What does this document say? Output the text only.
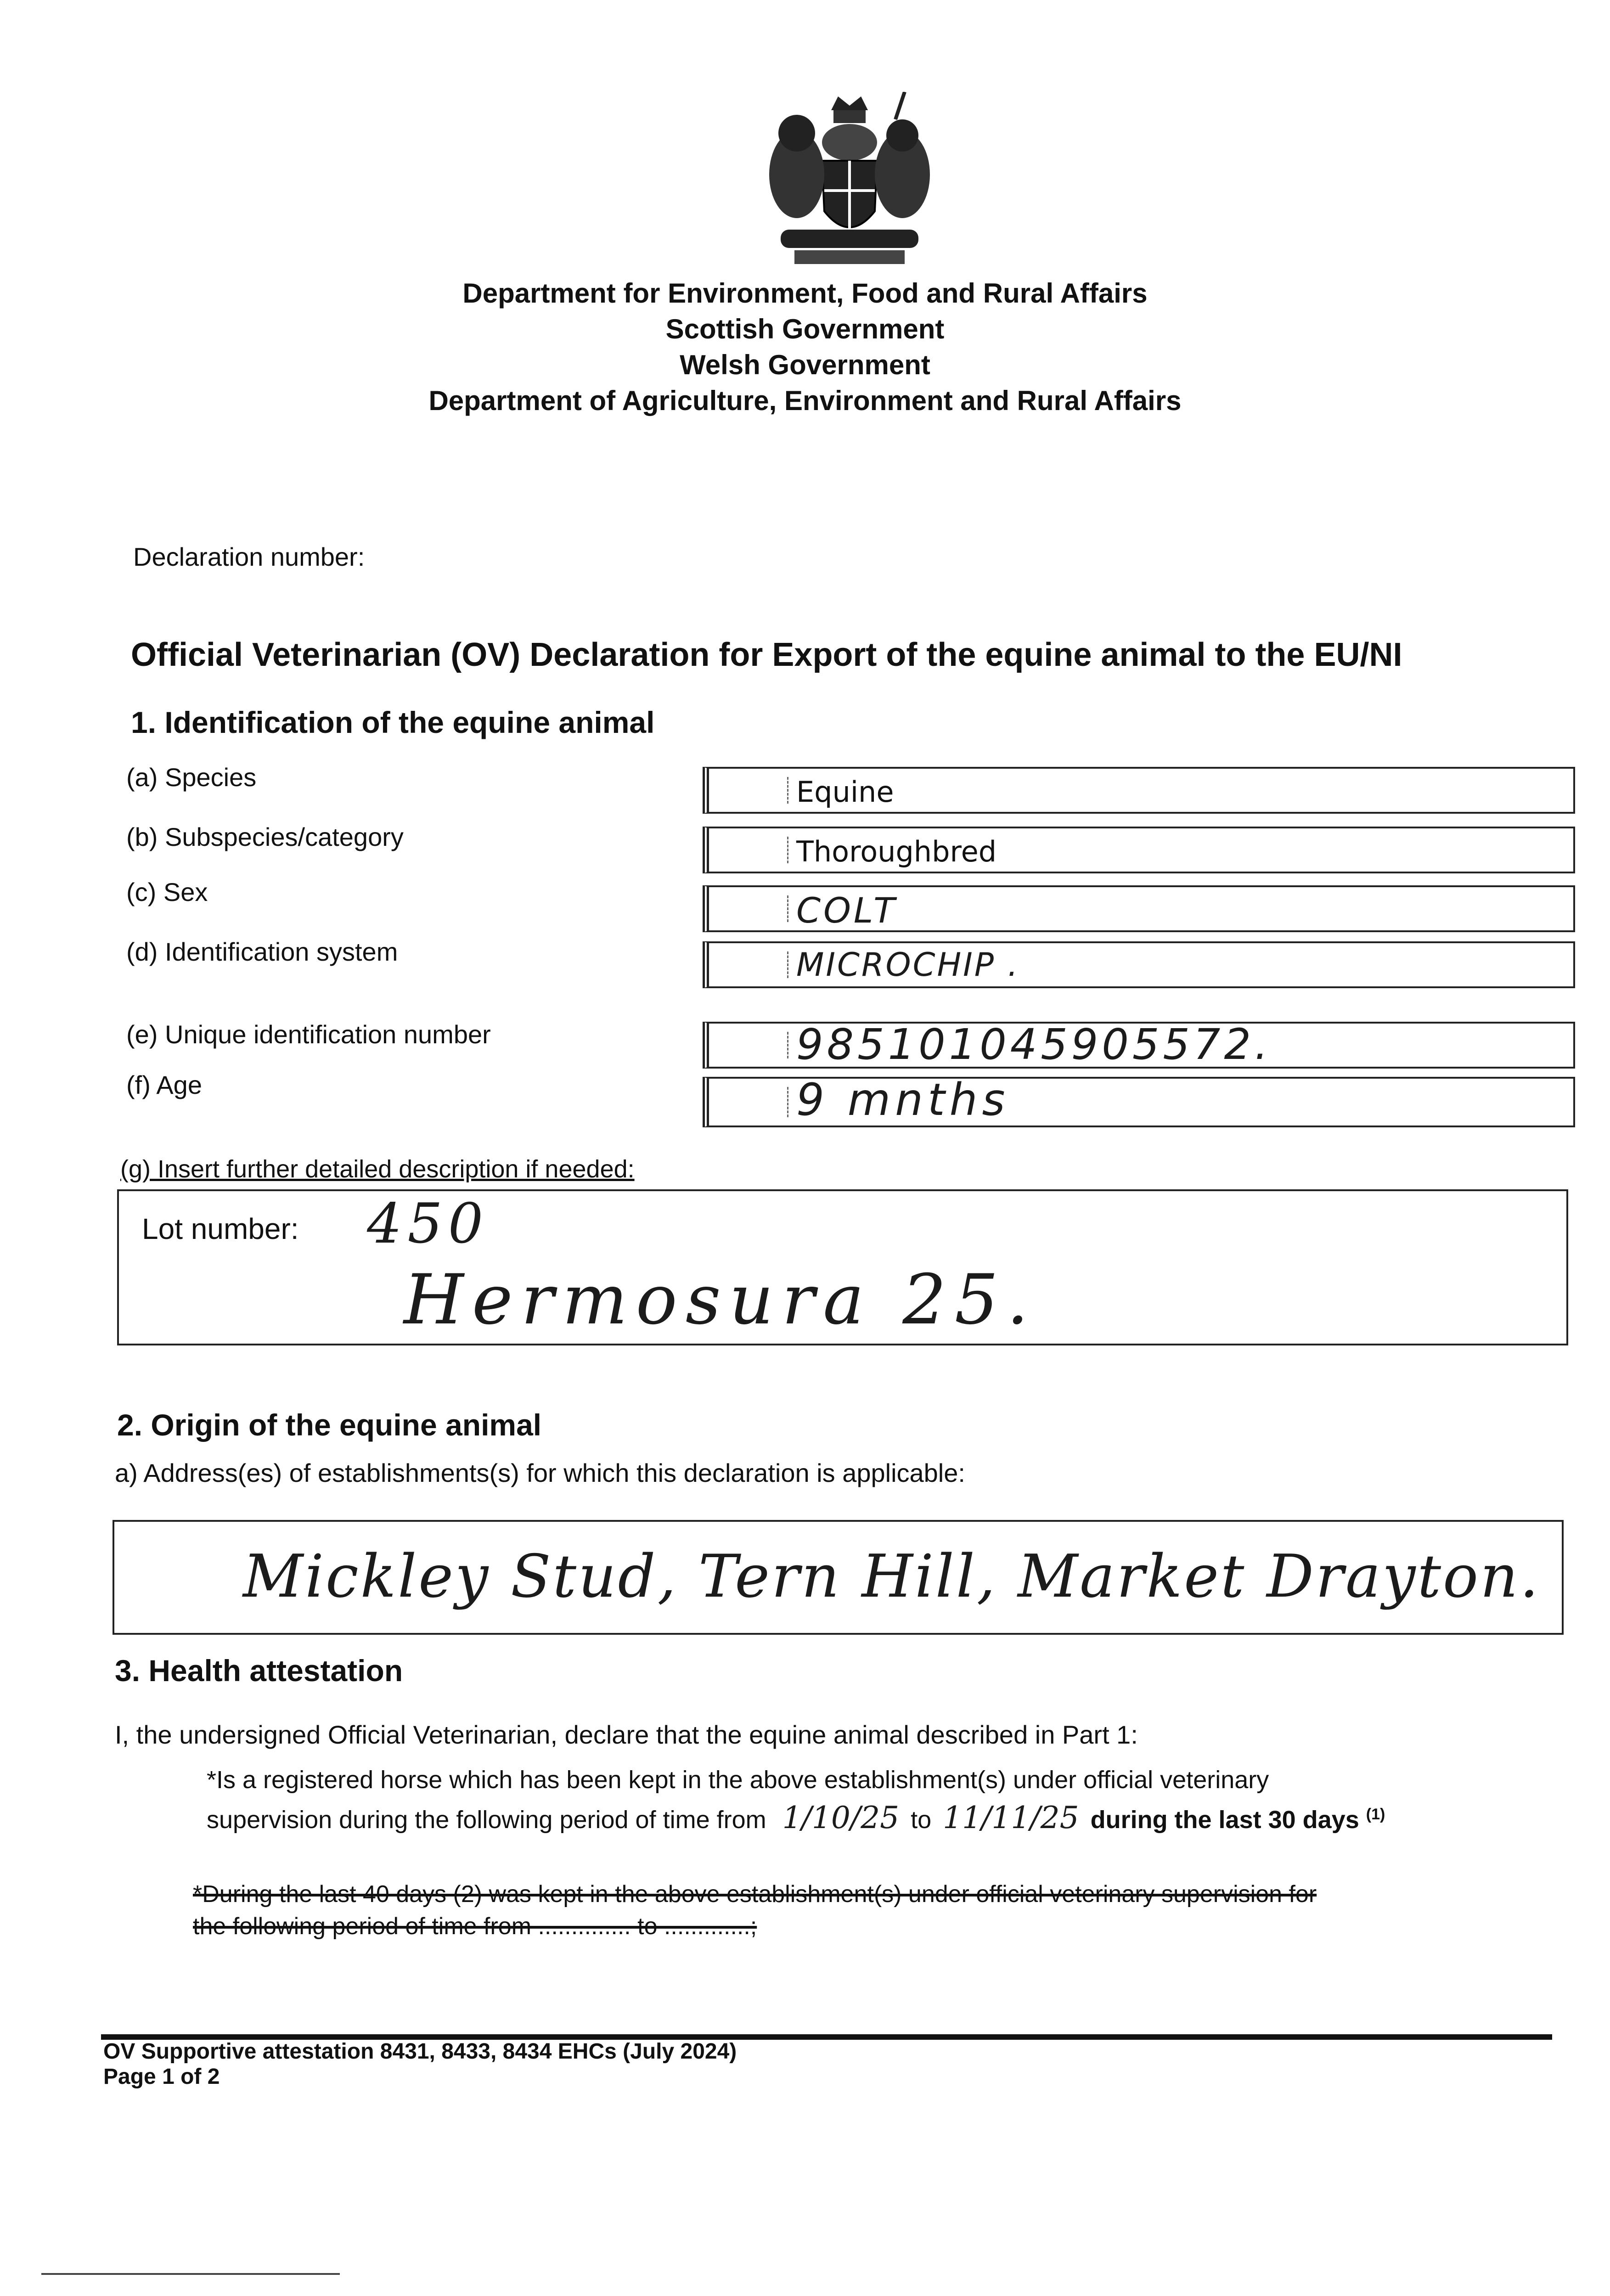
Department for Environment, Food and Rural Affairs
Scottish Government
Welsh Government
Department of Agriculture, Environment and Rural Affairs
Declaration number:
Official Veterinarian (OV) Declaration for Export of the equine animal to the EU/NI
1. Identification of the equine animal
(a) Species	Equine
(b) Subspecies/category	Thoroughbred
(c) Sex	COLT
(d) Identification system	MICROCHIP .
(e) Unique identification number	985101045905572.
(f) Age	9 mnths
(g) Insert further detailed description if needed:
Lot number: 450
Hermosura 25.
2. Origin of the equine animal
a) Address(es) of establishments(s) for which this declaration is applicable:
Mickley Stud, Tern Hill, Market Drayton.
3. Health attestation
I, the undersigned Official Veterinarian, declare that the equine animal described in Part 1:
*Is a registered horse which has been kept in the above establishment(s) under official veterinary
supervision during the following period of time from 1/10/25 to 11/11/25 during the last 30 days $^{(1)}$
*During the last 40 days (2) was kept in the above establishment(s) under official veterinary supervision for
the following period of time from .............. to .............;
OV Supportive attestation 8431, 8433, 8434 EHCs (July 2024)
Page 1 of 2
